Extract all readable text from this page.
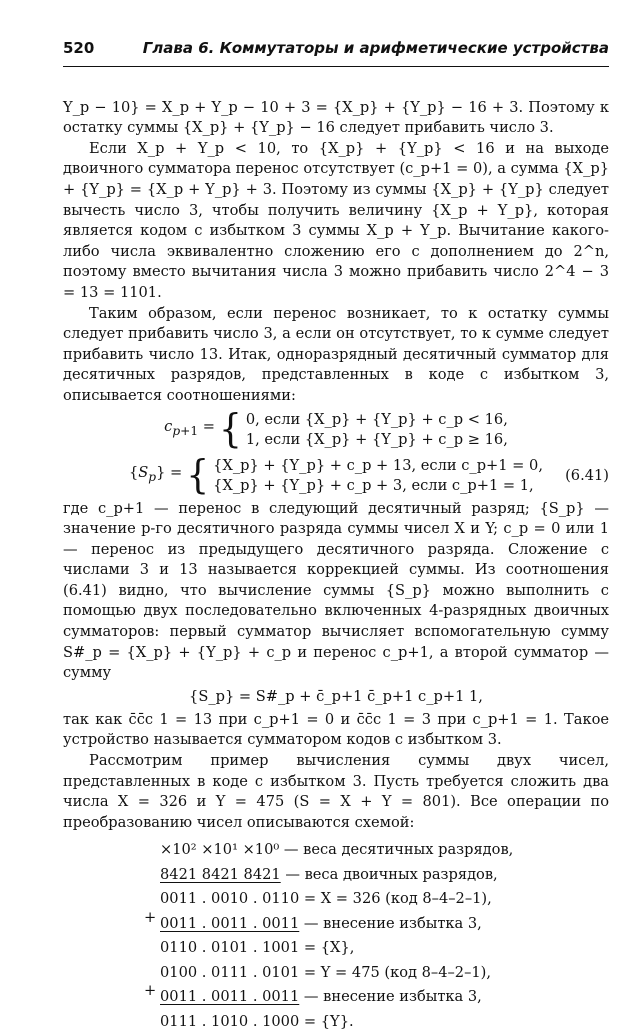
520	Глава 6. Коммутаторы и арифметические устройства

Y_p − 10} = X_p + Y_p − 10 + 3 = {X_p} + {Y_p} − 16 + 3. Поэтому к остатку суммы {X_p} + {Y_p} − 16 следует прибавить число 3.

Если X_p + Y_p < 10, то {X_p} + {Y_p} < 16 и на выходе двоичного сумматора перенос отсутствует (c_p+1 = 0), а сумма {X_p} + {Y_p} = {X_p + Y_p} + 3. Поэтому из суммы {X_p} + {Y_p} следует вычесть число 3, чтобы получить величину {X_p + Y_p}, которая является кодом с избытком 3 суммы X_p + Y_p. Вычитание какого-либо числа эквивалентно сложению его с дополнением до 2^n, поэтому вместо вычитания числа 3 можно прибавить число 2^4 − 3 = 13 = 1101.

Таким образом, если перенос возникает, то к остатку суммы следует прибавить число 3, а если он отсутствует, то к сумме следует прибавить число 13. Итак, одноразрядный десятичный сумматор для десятичных разрядов, представленных в коде с избытком 3, описывается соотношениями:

$c_{p+1}$ = { 0, если {X_p} + {Y_p} + c_p < 16,
1, если {X_p} + {Y_p} + c_p ≥ 16,
$\{S_p\}$ = { {X_p} + {Y_p} + c_p + 13, если c_p+1 = 0,
{X_p} + {Y_p} + c_p + 3, если c_p+1 = 1,
(6.41)

где c_p+1 — перенос в следующий десятичный разряд; {S_p} — значение p-го десятичного разряда суммы чисел X и Y; c_p = 0 или 1 — перенос из предыдущего десятичного разряда. Сложение с числами 3 и 13 называется коррекцией суммы. Из соотношения (6.41) видно, что вычисление суммы {S_p} можно выполнить с помощью двух последовательно включенных 4-разрядных двоичных сумматоров: первый сумматор вычисляет вспомогательную сумму S#_p = {X_p} + {Y_p} + c_p и перенос c_p+1, а второй сумматор — сумму

{S_p} = S#_p + c̄_p+1 c̄_p+1 c_p+1 1,

так как c̄c̄c 1 = 13 при c_p+1 = 0 и c̄c̄c 1 = 3 при c_p+1 = 1. Такое устройство называется сумматором кодов с избытком 3.

Рассмотрим пример вычисления суммы двух чисел, представленных в коде с избытком 3. Пусть требуется сложить два числа X = 326 и Y = 475 (S = X + Y = 801). Все операции по преобразованию чисел описываются схемой:

×10² ×10¹ ×10⁰ — веса десятичных разрядов,
8421 8421 8421 — веса двоичных разрядов,
0011 . 0010 . 0110 = X = 326 (код 8–4–2–1),
+ 0011 . 0011 . 0011 — внесение избытка 3,
0110 . 0101 . 1001 = {X},
0100 . 0111 . 0101 = Y = 475 (код 8–4–2–1),
+ 0011 . 0011 . 0011 — внесение избытка 3,
0111 . 1010 . 1000 = {Y}.
